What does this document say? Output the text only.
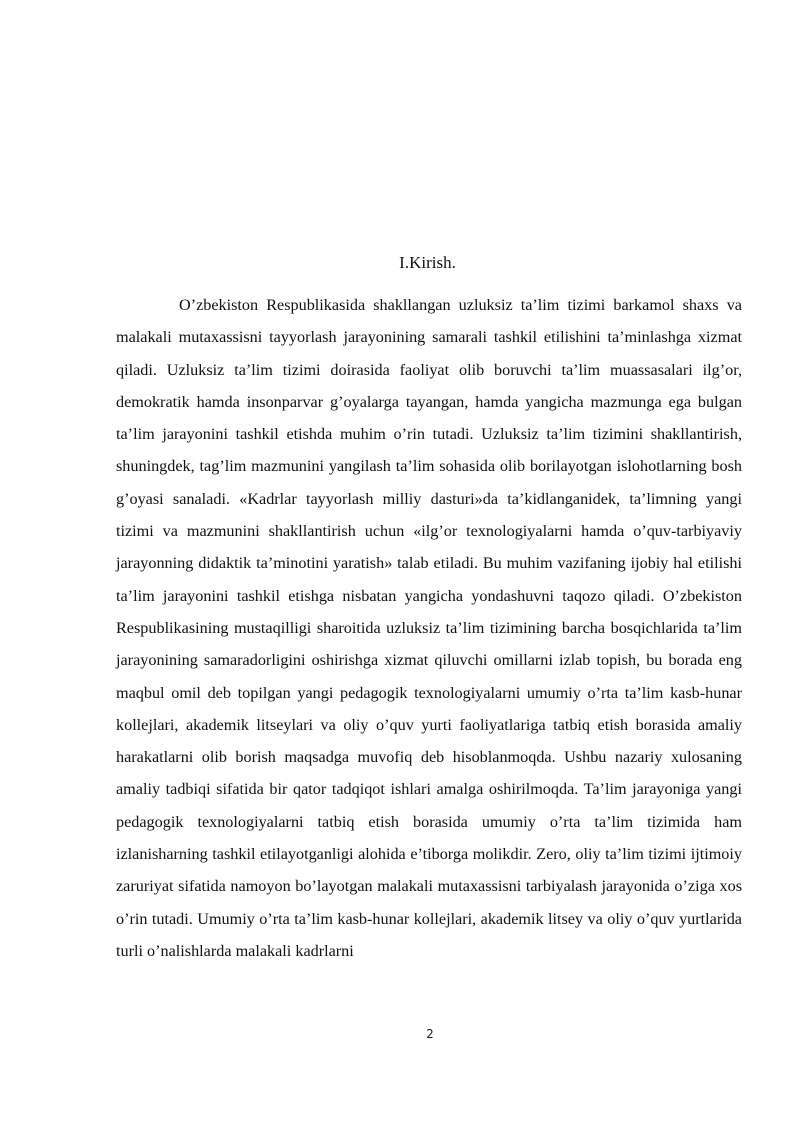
I.Kirish.

O’zbekiston Respublikasida shakllangan uzluksiz ta’lim tizimi barkamol shaxs va malakali mutaxassisni tayyorlash jarayonining samarali tashkil etilishini ta’minlashga xizmat qiladi. Uzluksiz ta’lim tizimi doirasida faoliyat olib boruvchi ta’lim muassasalari ilg’or, demokratik hamda insonparvar g’oyalarga tayangan, hamda yangicha mazmunga ega bulgan ta’lim jarayonini tashkil etishda muhim o’rin tutadi. Uzluksiz ta’lim tizimini shakllantirish, shuningdek, tag’lim mazmunini yangilash ta’lim sohasida olib borilayotgan islohotlarning bosh g’oyasi sanaladi. «Kadrlar tayyorlash milliy dasturi»da ta’kidlanganidek, ta’limning yangi tizimi va mazmunini shakllantirish uchun «ilg’or texnologiyalarni hamda o’quv-tarbiyaviy jarayonning didaktik ta’minotini yaratish» talab etiladi. Bu muhim vazifaning ijobiy hal etilishi ta’lim jarayonini tashkil etishga nisbatan yangicha yondashuvni taqozo qiladi. O’zbekiston Respublikasining mustaqilligi sharoitida uzluksiz ta’lim tizimining barcha bosqichlarida ta’lim jarayonining samaradorligini oshirishga xizmat qiluvchi omillarni izlab topish, bu borada eng maqbul omil deb topilgan yangi pedagogik texnologiyalarni umumiy o’rta ta’lim kasb-hunar kollejlari, akademik litseylari va oliy o’quv yurti faoliyatlariga tatbiq etish borasida amaliy harakatlarni olib borish maqsadga muvofiq deb hisoblanmoqda. Ushbu nazariy xulosaning amaliy tadbiqi sifatida bir qator tadqiqot ishlari amalga oshirilmoqda. Ta’lim jarayoniga yangi pedagogik texnologiyalarni tatbiq etish borasida umumiy o’rta ta’lim tizimida ham izlanisharning tashkil etilayotganligi alohida e’tiborga molikdir. Zero, oliy ta’lim tizimi ijtimoiy zaruriyat sifatida namoyon bo’layotgan malakali mutaxassisni tarbiyalash jarayonida o’ziga xos o’rin tutadi. Umumiy o’rta ta’lim kasb-hunar kollejlari, akademik litsey va oliy o’quv yurtlarida turli o’nalishlarda malakali kadrlarni

2
